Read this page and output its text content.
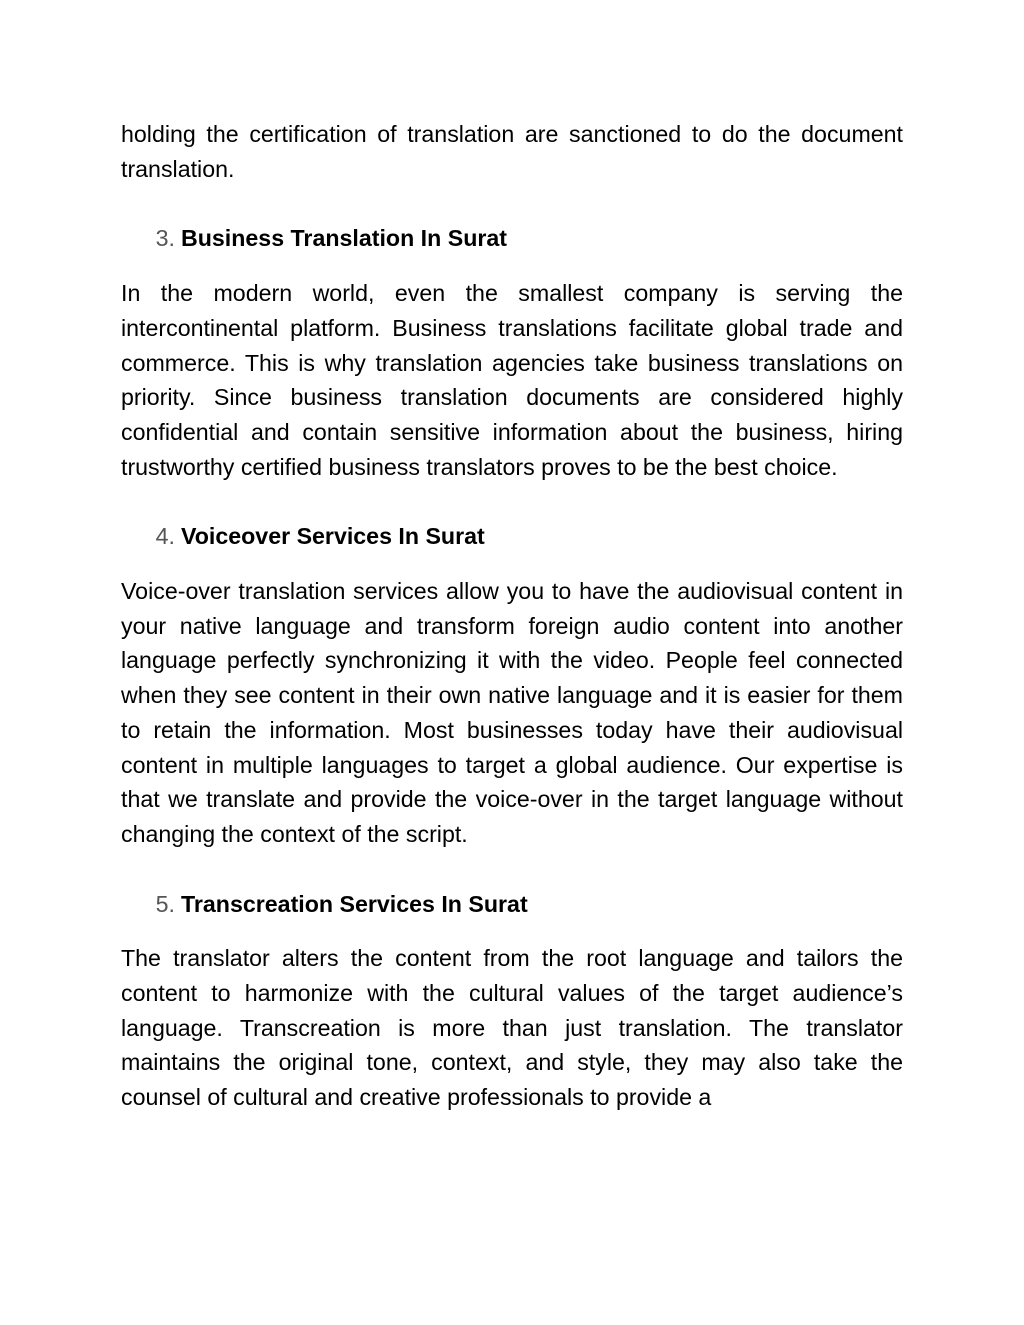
holding the certification of translation are sanctioned to do the document translation.

3. Business Translation In Surat

In the modern world, even the smallest company is serving the intercontinental platform. Business translations facilitate global trade and commerce. This is why translation agencies take business translations on priority. Since business translation documents are considered highly confidential and contain sensitive information about the business, hiring trustworthy certified business translators proves to be the best choice.

4. Voiceover Services In Surat

Voice-over translation services allow you to have the audiovisual content in your native language and transform foreign audio content into another language perfectly synchronizing it with the video. People feel connected when they see content in their own native language and it is easier for them to retain the information. Most businesses today have their audiovisual content in multiple languages to target a global audience. Our expertise is that we translate and provide the voice-over in the target language without changing the context of the script.

5. Transcreation Services In Surat

The translator alters the content from the root language and tailors the content to harmonize with the cultural values of the target audience’s language. Transcreation is more than just translation. The translator maintains the original tone, context, and style, they may also take the counsel of cultural and creative professionals to provide a
